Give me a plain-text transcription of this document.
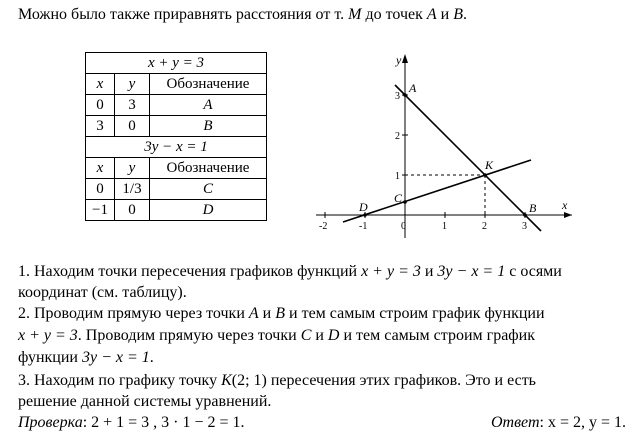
Можно было также приравнять расстояния от т. M до точек A и B.
x + y = 3		
x	y	Обозначение
0	3	A
3	0	B
3y − x = 1		
x	y	Обозначение
0	1/3	C
−1	0	D	x
y
-2	-1	0	1	2	3
1
2
3
A
B
C
D
K
1. Находим точки пересечения графиков функций x + y = 3 и 3y − x = 1 с осями
координат (см. таблицу).
2. Проводим прямую через точки A и B и тем самым строим график функции
x + y = 3. Проводим прямую через точки C и D и тем самым строим график
функции 3y − x = 1.
3. Находим по графику точку K(2; 1) пересечения этих графиков. Это и есть
решение данной системы уравнений.
Проверка: 2 + 1 = 3 , 3 · 1 − 2 = 1.	Ответ: x = 2, y = 1.
